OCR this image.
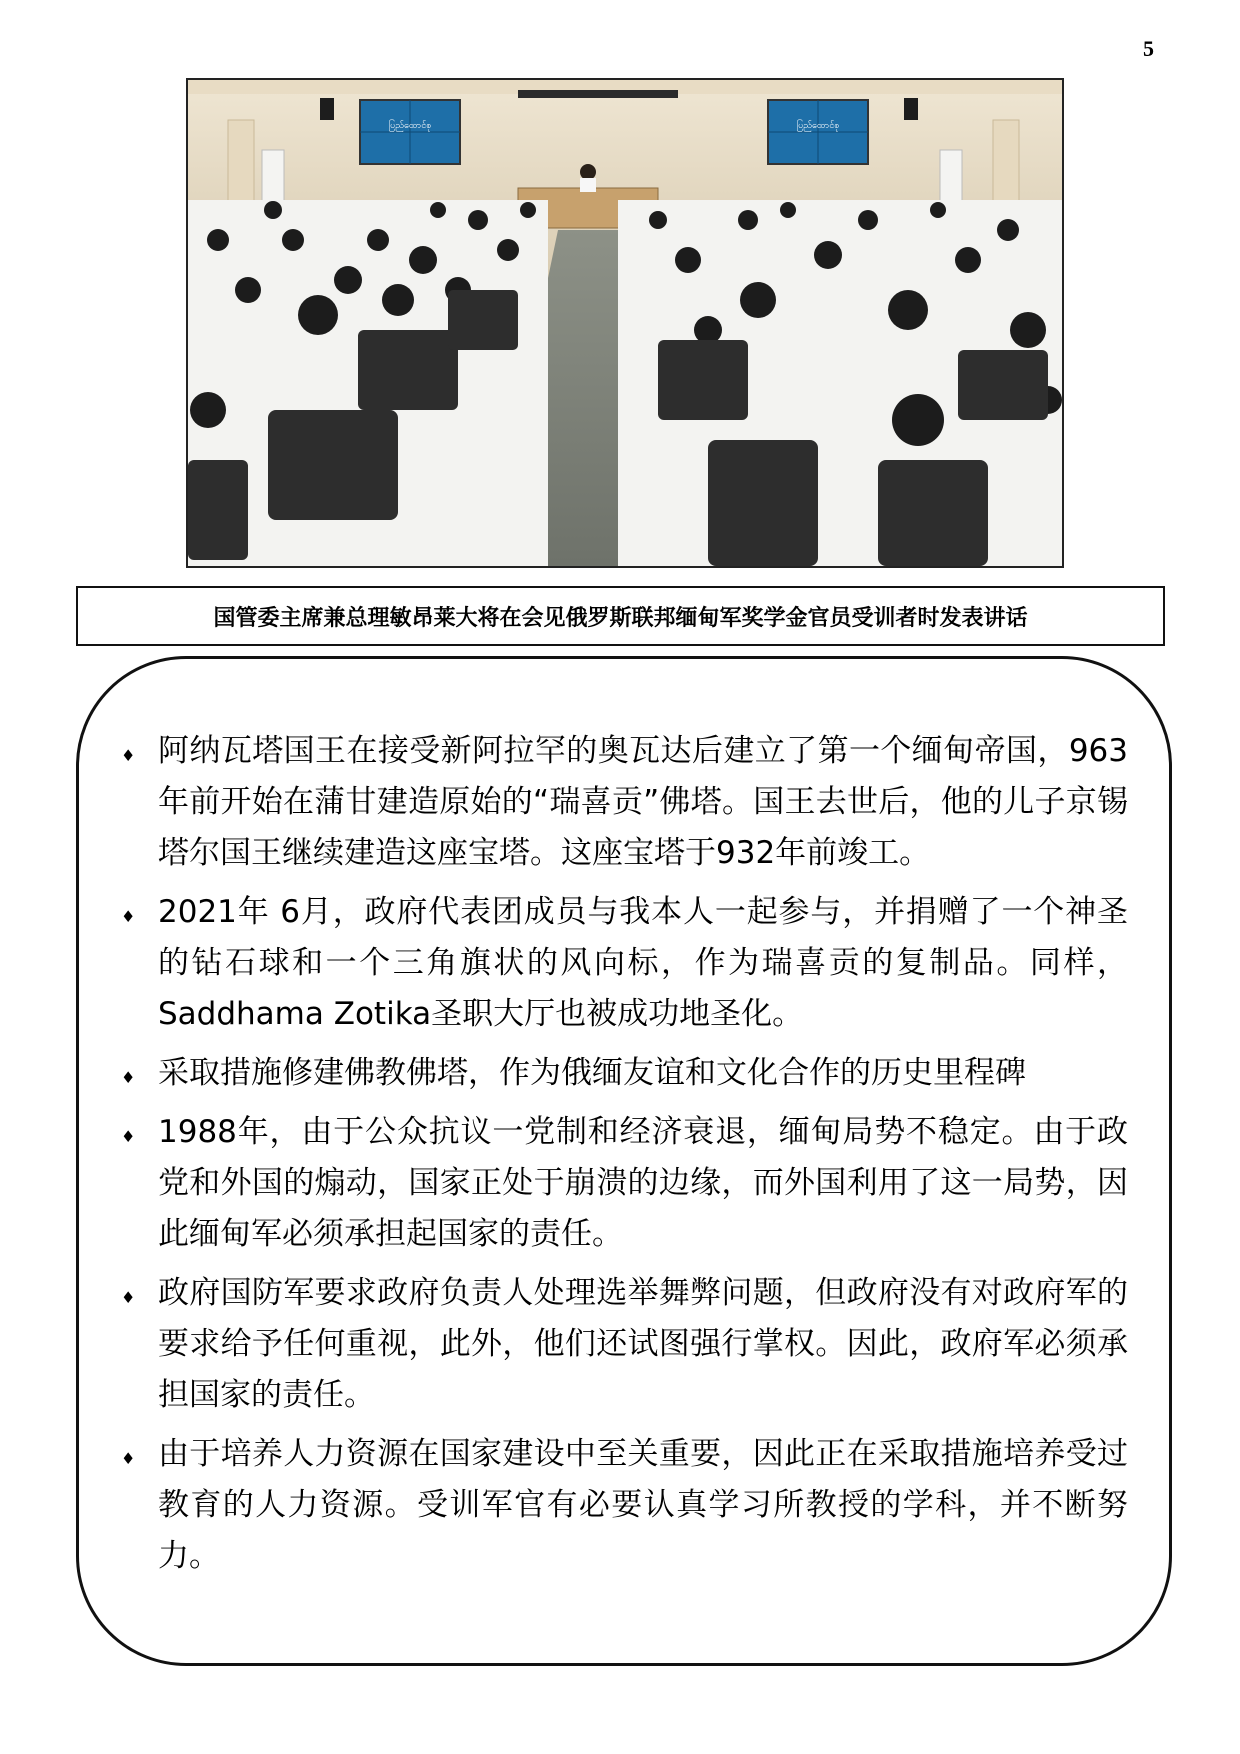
5
ပြည်ထောင်စု	ပြည်ထောင်စု
国管委主席兼总理敏昂莱大将在会见俄罗斯联邦缅甸军奖学金官员受训者时发表讲话
♦ 阿纳瓦塔国王在接受新阿拉罕的奥瓦达后建立了第一个缅甸帝国，963年前开始在蒲甘建造原始的“瑞喜贡”佛塔。国王去世后，他的儿子京锡塔尔国王继续建造这座宝塔。这座宝塔于932年前竣工。
♦ 2021年 6月，政府代表团成员与我本人一起参与，并捐赠了一个神圣的钻石球和一个三角旗状的风向标，作为瑞喜贡的复制品。同样，Saddhama Zotika圣职大厅也被成功地圣化。
♦ 采取措施修建佛教佛塔，作为俄缅友谊和文化合作的历史里程碑
♦ 1988年，由于公众抗议一党制和经济衰退，缅甸局势不稳定。由于政党和外国的煽动，国家正处于崩溃的边缘，而外国利用了这一局势，因此缅甸军必须承担起国家的责任。
♦ 政府国防军要求政府负责人处理选举舞弊问题，但政府没有对政府军的要求给予任何重视，此外，他们还试图强行掌权。因此，政府军必须承担国家的责任。
♦ 由于培养人力资源在国家建设中至关重要，因此正在采取措施培养受过教育的人力资源。受训军官有必要认真学习所教授的学科，并不断努力。
